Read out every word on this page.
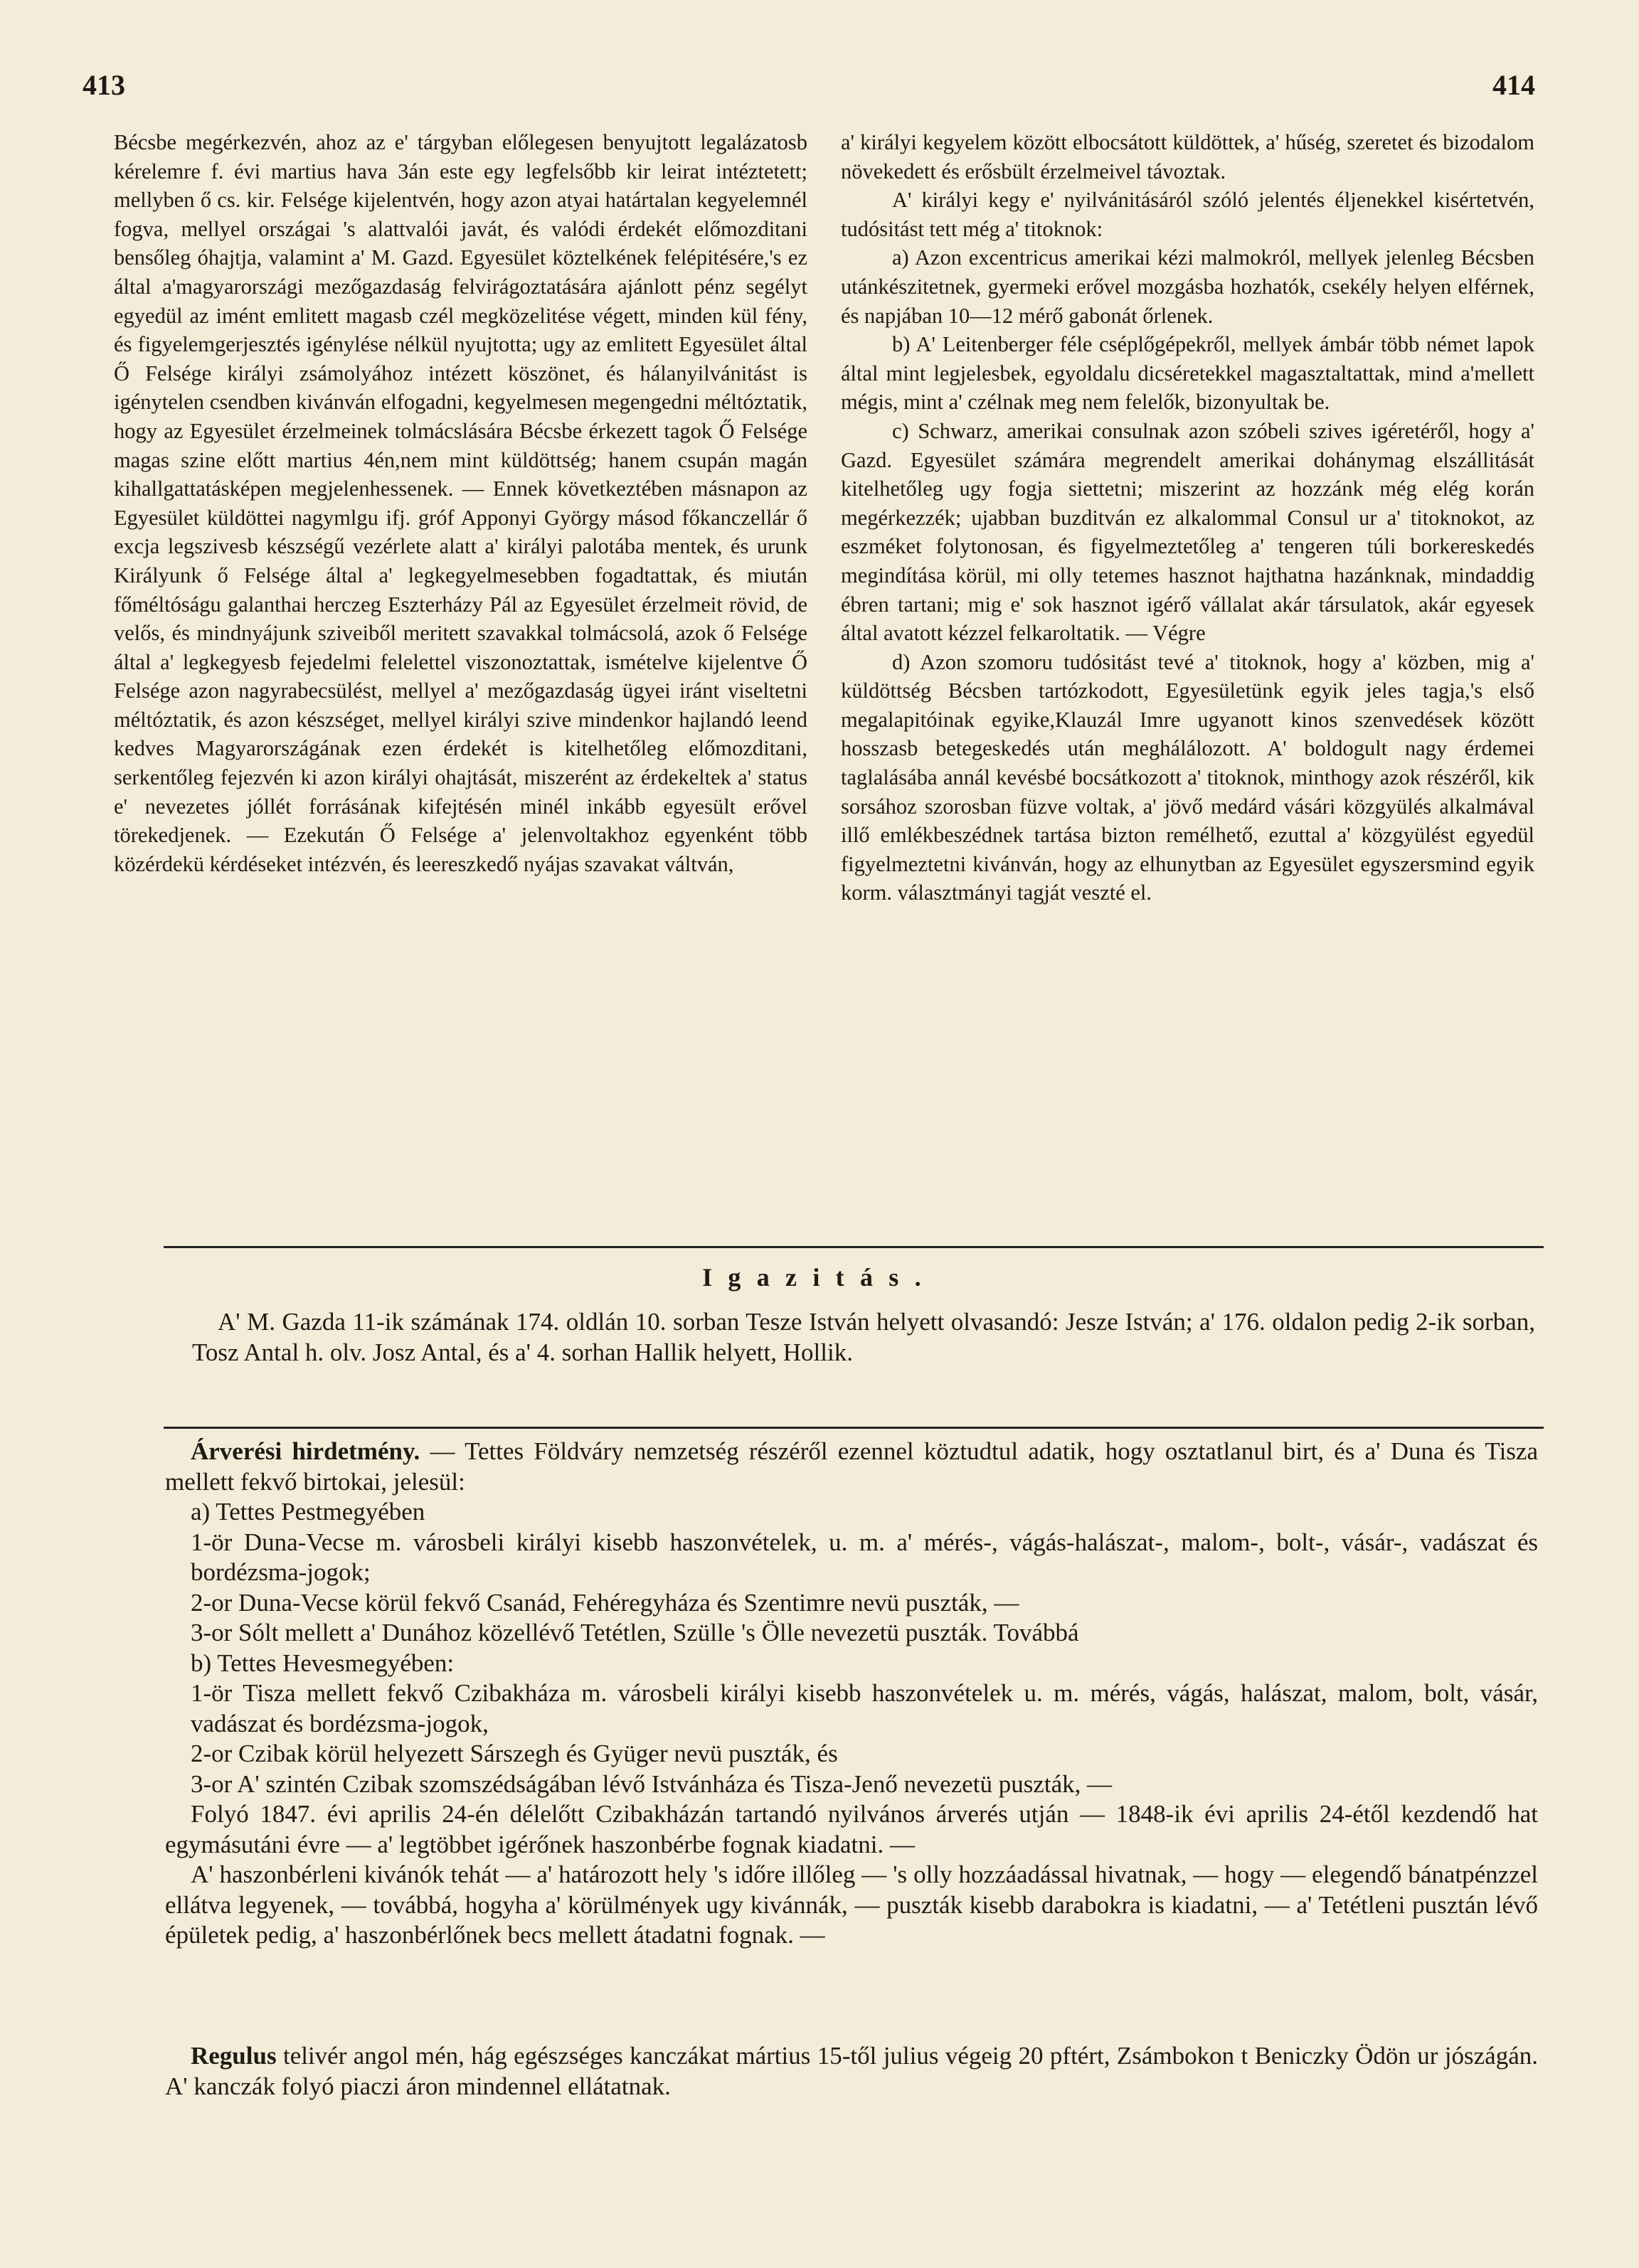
413	414

Bécsbe megérkezvén, ahoz az e' tárgyban előlegesen benyujtott legalázatosb kérelemre f. évi martius hava 3án este egy legfelsőbb kir leirat intéztetett; mellyben ő cs. kir. Felsége kijelentvén, hogy azon atyai határtalan kegyelemnél fogva, mellyel országai 's alattvalói javát, és valódi érdekét előmozditani bensőleg óhajtja, valamint a' M. Gazd. Egyesület köztelkének felépitésére,'s ez által a'magyarországi mezőgazdaság felvirágoztatására ajánlott pénz segélyt egyedül az imént emlitett magasb czél megközelitése végett, minden kül fény, és figyelemgerjesztés igénylése nélkül nyujtotta; ugy az emlitett Egyesület által Ő Felsége királyi zsámolyához intézett köszönet, és hálanyilvánitást is igénytelen csendben kivánván elfogadni, kegyelmesen megengedni méltóztatik, hogy az Egyesület érzelmeinek tolmácslására Bécsbe érkezett tagok Ő Felsége magas szine előtt martius 4én,nem mint küldöttség; hanem csupán magán kihallgattatásképen megjelenhessenek. — Ennek következtében másnapon az Egyesület küldöttei nagymlgu ifj. gróf Apponyi György másod főkanczellár ő excja legszivesb készségű vezérlete alatt a' királyi palotába mentek, és urunk Királyunk ő Felsége által a' legkegyelmesebben fogadtattak, és miután főméltóságu galanthai herczeg Eszterházy Pál az Egyesület érzelmeit rövid, de velős, és mindnyájunk sziveiből meritett szavakkal tolmácsolá, azok ő Felsége által a' legkegyesb fejedelmi felelettel viszonoztattak, ismételve kijelentve Ő Felsége azon nagyrabecsülést, mellyel a' mezőgazdaság ügyei iránt viseltetni méltóztatik, és azon készséget, mellyel királyi szive mindenkor hajlandó leend kedves Magyarországának ezen érdekét is kitelhetőleg előmozditani, serkentőleg fejezvén ki azon királyi ohajtását, miszerént az érdekeltek a' status e' nevezetes jóllét forrásának kifejtésén minél inkább egyesült erővel törekedjenek. — Ezekután Ő Felsége a' jelenvoltakhoz egyenként több közérdekü kérdéseket intézvén, és leereszkedő nyájas szavakat váltván,

a' királyi kegyelem között elbocsátott küldöttek, a' hűség, szeretet és bizodalom növekedett és erősbült érzelmeivel távoztak.

A' királyi kegy e' nyilvánitásáról szóló jelentés éljenekkel kisértetvén, tudósitást tett még a' titoknok:

a) Azon excentricus amerikai kézi malmokról, mellyek jelenleg Bécsben utánkészitetnek, gyermeki erővel mozgásba hozhatók, csekély helyen elférnek, és napjában 10—12 mérő gabonát őrlenek.

b) A' Leitenberger féle cséplőgépekről, mellyek ámbár több német lapok által mint legjelesbek, egyoldalu dicséretekkel magasztaltattak, mind a'mellett mégis, mint a' czélnak meg nem felelők, bizonyultak be.

c) Schwarz, amerikai consulnak azon szóbeli szives igéretéről, hogy a' Gazd. Egyesület számára megrendelt amerikai dohánymag elszállitását kitelhetőleg ugy fogja siettetni; miszerint az hozzánk még elég korán megérkezzék; ujabban buzditván ez alkalommal Consul ur a' titoknokot, az eszméket folytonosan, és figyelmeztetőleg a' tengeren túli borkereskedés megindítása körül, mi olly tetemes hasznot hajthatna hazánknak, mindaddig ébren tartani; mig e' sok hasznot igérő vállalat akár társulatok, akár egyesek által avatott kézzel felkaroltatik. — Végre

d) Azon szomoru tudósitást tevé a' titoknok, hogy a' közben, mig a' küldöttség Bécsben tartózkodott, Egyesületünk egyik jeles tagja,'s első megalapitóinak egyike,Klauzál Imre ugyanott kinos szenvedések között hosszasb betegeskedés után meghálálozott. A' boldogult nagy érdemei taglalásába annál kevésbé bocsátkozott a' titoknok, minthogy azok részéről, kik sorsához szorosban füzve voltak, a' jövő medárd vásári közgyülés alkalmával illő emlékbeszédnek tartása bizton remélhető, ezuttal a' közgyülést egyedül figyelmeztetni kivánván, hogy az elhunytban az Egyesület egyszersmind egyik korm. választmányi tagját veszté el.

Igazitás.
A' M. Gazda 11-ik számának 174. oldlán 10. sorban Tesze István helyett olvasandó: Jesze István; a' 176. oldalon pedig 2-ik sorban, Tosz Antal h. olv. Josz Antal, és a' 4. sorhan Hallik helyett, Hollik.

Árverési hirdetmény. — Tettes Földváry nemzetség részéről ezennel köztudtul adatik, hogy osztatlanul birt, és a' Duna és Tisza mellett fekvő birtokai, jelesül:

a) Tettes Pestmegyében

1-ör Duna-Vecse m. városbeli királyi kisebb haszonvételek, u. m. a' mérés-, vágás-halászat-, malom-, bolt-, vásár-, vadászat és bordézsma-jogok;

2-or Duna-Vecse körül fekvő Csanád, Fehéregyháza és Szentimre nevü puszták, —

3-or Sólt mellett a' Dunához közellévő Tetétlen, Szülle 's Ölle nevezetü puszták. Továbbá

b) Tettes Hevesmegyében:

1-ör Tisza mellett fekvő Czibakháza m. városbeli királyi kisebb haszonvételek u. m. mérés, vágás, halászat, malom, bolt, vásár, vadászat és bordézsma-jogok,

2-or Czibak körül helyezett Sárszegh és Gyüger nevü puszták, és

3-or A' szintén Czibak szomszédságában lévő Istvánháza és Tisza-Jenő nevezetü puszták, —

Folyó 1847. évi aprilis 24-én délelőtt Czibakházán tartandó nyilvános árverés utján — 1848-ik évi aprilis 24-étől kezdendő hat egymásutáni évre — a' legtöbbet igérőnek haszonbérbe fognak kiadatni. —

A' haszonbérleni kivánók tehát — a' határozott hely 's időre illőleg — 's olly hozzáadással hivatnak, — hogy — elegendő bánatpénzzel ellátva legyenek, — továbbá, hogyha a' körülmények ugy kivánnák, — puszták kisebb darabokra is kiadatni, — a' Tetétleni pusztán lévő épületek pedig, a' haszonbérlőnek becs mellett átadatni fognak. —

Regulus telivér angol mén, hág egészséges kanczákat mártius 15-től julius végeig 20 pftért, Zsámbokon t Beniczky Ödön ur jószágán. A' kanczák folyó piaczi áron mindennel ellátatnak.
